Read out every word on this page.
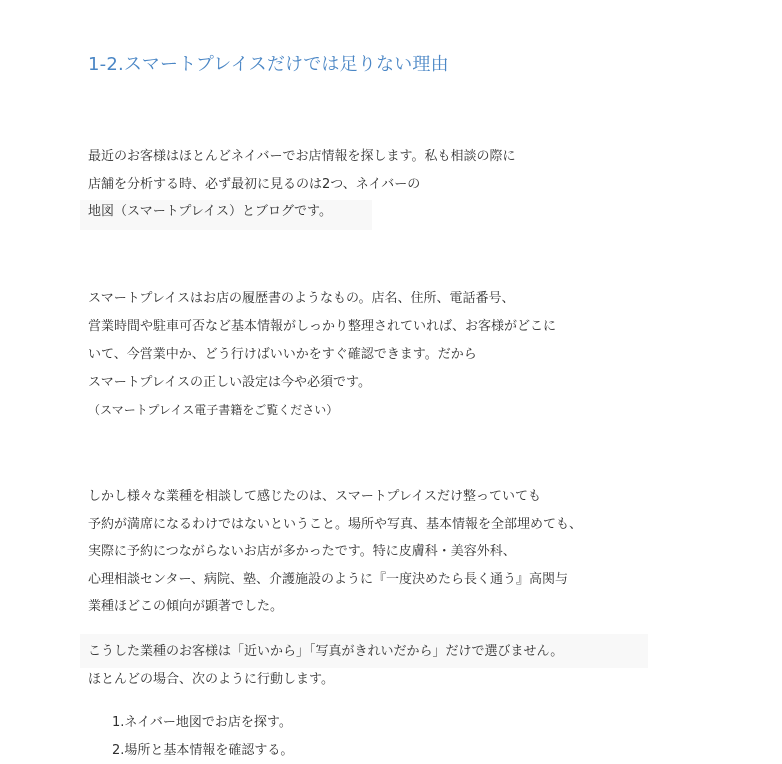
1-2.スマートプレイスだけでは足りない理由

最近のお客様はほとんどネイバーでお店情報を探します。私も相談の際に

店舗を分析する時、必ず最初に見るのは2つ、ネイバーの

地図（スマートプレイス）とブログです。

スマートプレイスはお店の履歴書のようなもの。店名、住所、電話番号、

営業時間や駐車可否など基本情報がしっかり整理されていれば、お客様がどこに

いて、今営業中か、どう行けばいいかをすぐ確認できます。だから

スマートプレイスの正しい設定は今や必須です。

（スマートプレイス電子書籍をご覧ください）

しかし様々な業種を相談して感じたのは、スマートプレイスだけ整っていても

予約が満席になるわけではないということ。場所や写真、基本情報を全部埋めても、

実際に予約につながらないお店が多かったです。特に皮膚科・美容外科、

心理相談センター、病院、塾、介護施設のように『一度決めたら長く通う』高関与

業種ほどこの傾向が顕著でした。

こうした業種のお客様は「近いから」「写真がきれいだから」だけで選びません。

ほとんどの場合、次のように行動します。

1.ネイバー地図でお店を探す。

2.場所と基本情報を確認する。
